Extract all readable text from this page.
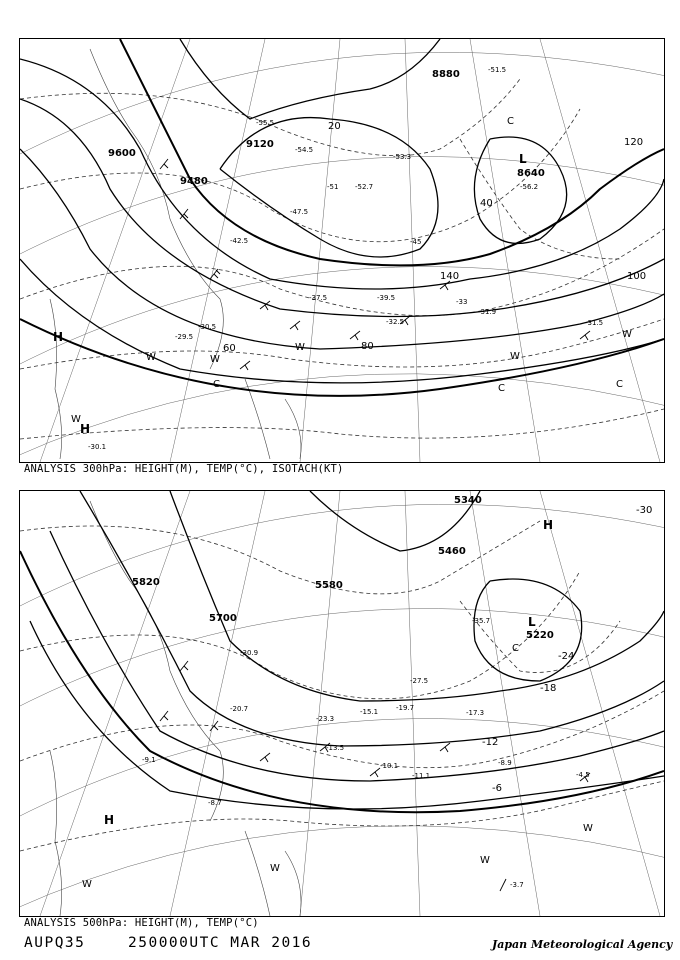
9600
9480
9120
8880
8640
20
40
60	80
100
120
140
-30.1
-31.9
-32.5
-33
-37.5	-39.5
-42.5	-45
-47.5
-51 -52.7
-53.3
-54.5
-55.5
-56.2
-51.5
-29.5
-30.5	-31.5
L
H
H
W	W
W
W
W
C	C	C
C
W
ANALYSIS 300hPa: HEIGHT(M), TEMP(°C), ISOTACH(KT)
5820
5700
5580
5460
5340
5220
-30
-24
-18
-12
-6
-15.1	-17.3
-19.7
-20.7
-23.3
-27.5
-30.9
-35.7
-8.9
-10.1
-11.1
-13.5
-4.5
-3.7
-8.7
-9.1
L
H
H
W
W
C
W
W
ANALYSIS 500hPa: HEIGHT(M), TEMP(°C)
AUPQ35	250000UTC MAR 2016	Japan Meteorological Agency
